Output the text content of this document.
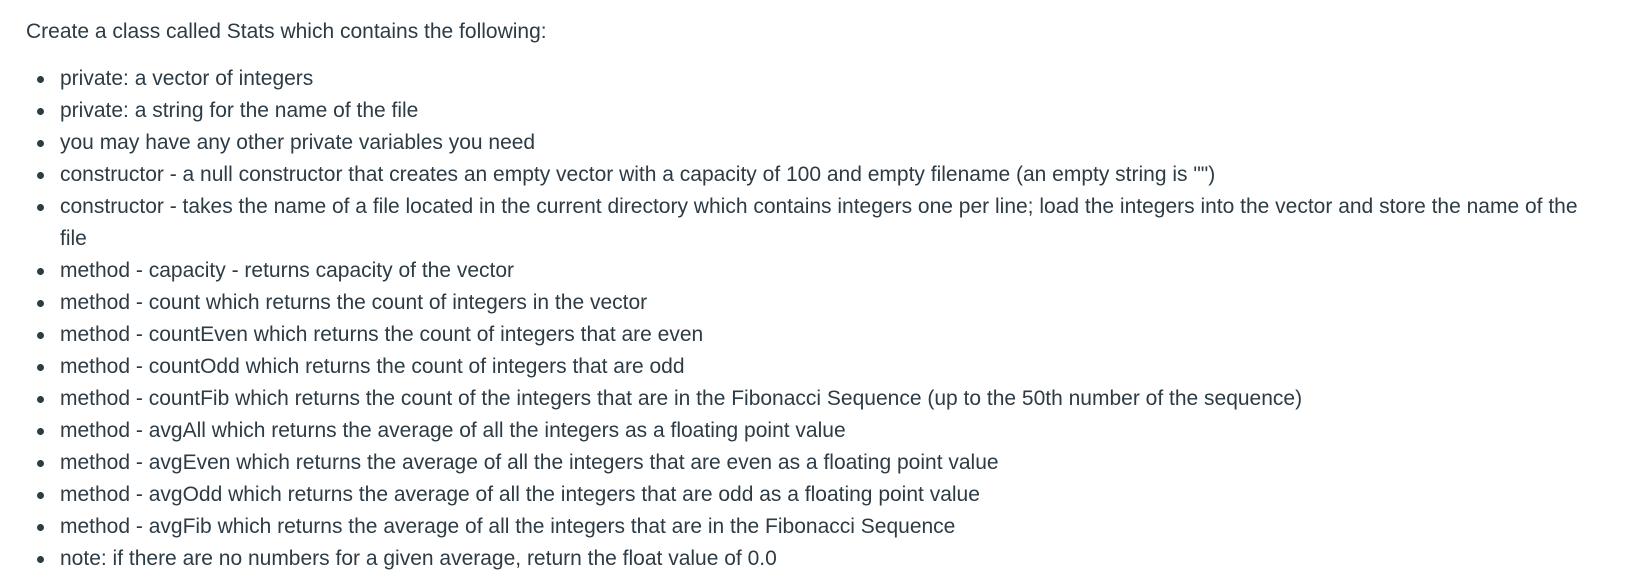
Create a class called Stats which contains the following:

private: a vector of integers
private: a string for the name of the file
you may have any other private variables you need
constructor - a null constructor that creates an empty vector with a capacity of 100 and empty filename (an empty string is "")
constructor - takes the name of a file located in the current directory which contains integers one per line; load the integers into the vector and store the name of the file
method - capacity - returns capacity of the vector
method - count which returns the count of integers in the vector
method - countEven which returns the count of integers that are even
method - countOdd which returns the count of integers that are odd
method - countFib which returns the count of the integers that are in the Fibonacci Sequence (up to the 50th number of the sequence)
method - avgAll which returns the average of all the integers as a floating point value
method - avgEven which returns the average of all the integers that are even as a floating point value
method - avgOdd which returns the average of all the integers that are odd as a floating point value
method - avgFib which returns the average of all the integers that are in the Fibonacci Sequence
note: if there are no numbers for a given average, return the float value of 0.0
